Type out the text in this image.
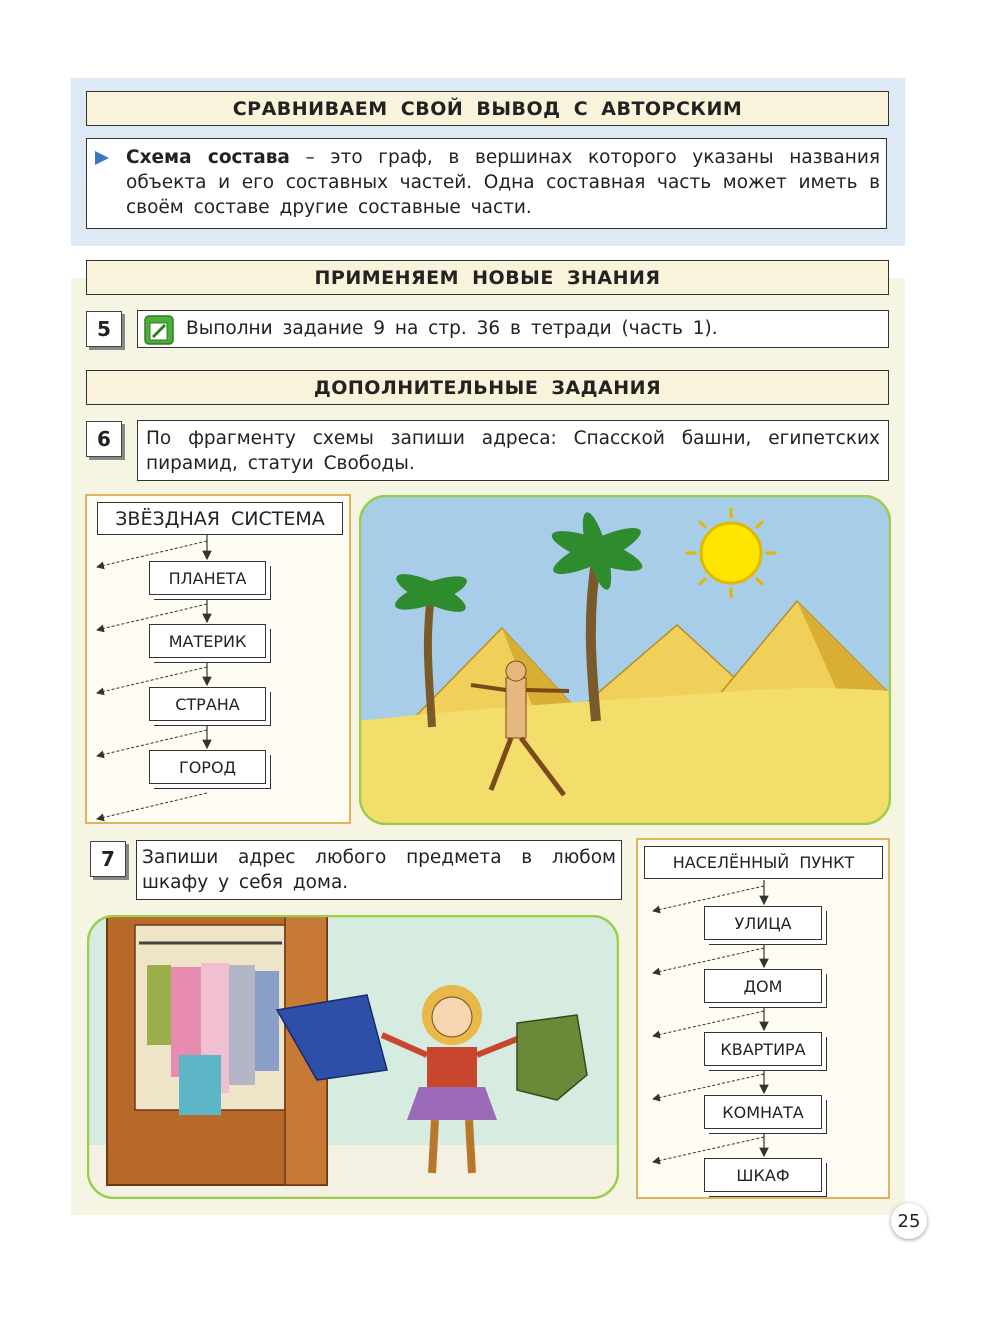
СРАВНИВАЕМ СВОЙ ВЫВОД С АВТОРСКИМ
Схема состава – это граф, в вершинах которого указаны названия объекта и его составных частей. Одна составная часть может иметь в своём составе другие составные части.
ПРИМЕНЯЕМ НОВЫЕ ЗНАНИЯ
5	Выполни задание 9 на стр. 36 в тетради (часть 1).
ДОПОЛНИТЕЛЬНЫЕ ЗАДАНИЯ
6	По фрагменту схемы запиши адреса: Спасской башни, египетских пирамид, статуи Свободы.
ЗВЁЗДНАЯ СИСТЕМА
ПЛАНЕТА
МАТЕРИК
СТРАНА
ГОРОД
7	Запиши адрес любого предмета в любом шкафу у себя дома.
НАСЕЛЁННЫЙ ПУНКТ
УЛИЦА
ДОМ
КВАРТИРА
КОМНАТА
ШКАФ
25
